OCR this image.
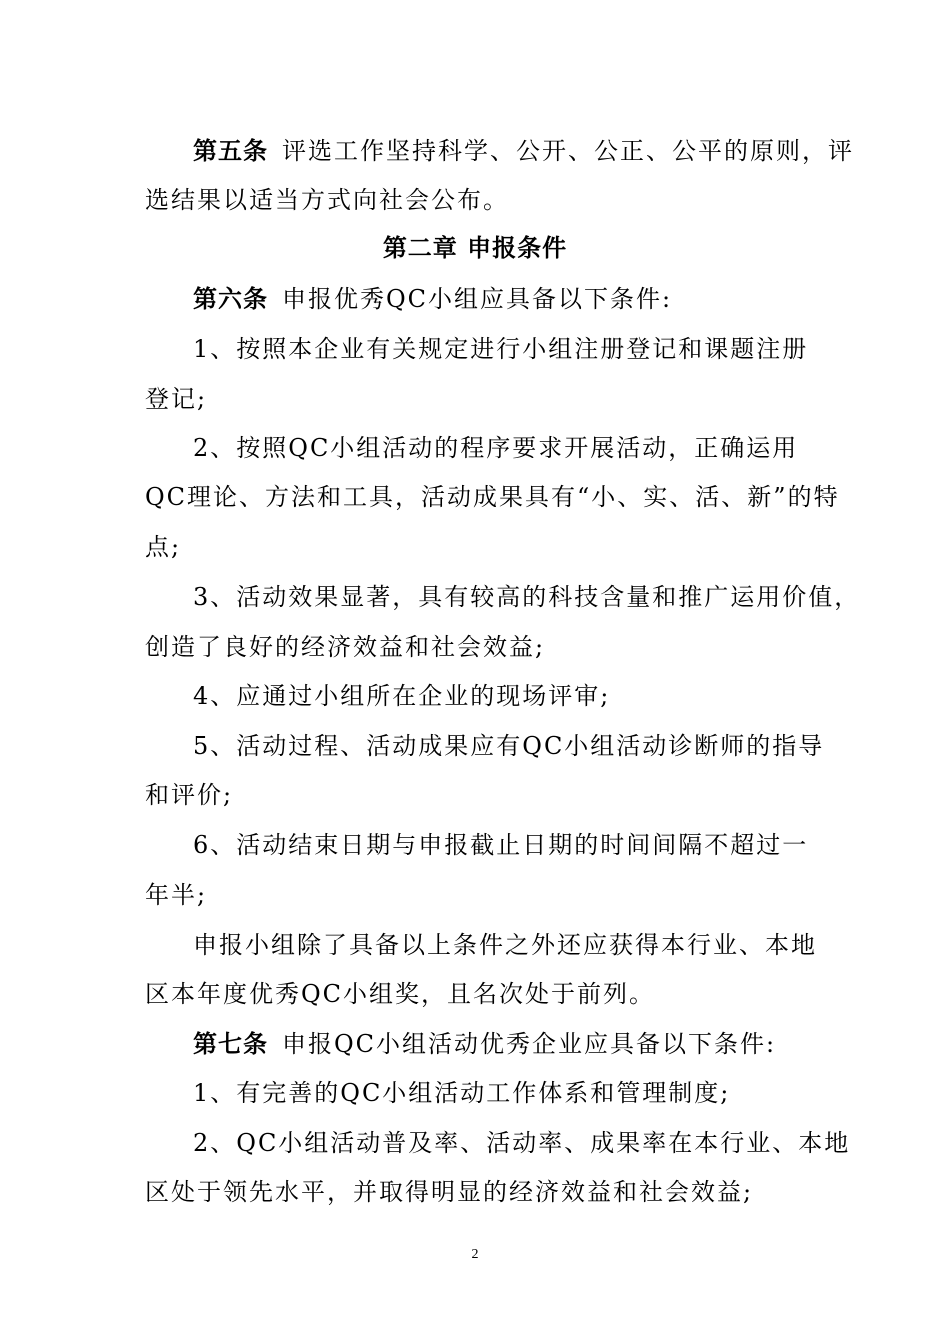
第五条 评选工作坚持科学、公开、公正、公平的原则，评
选结果以适当方式向社会公布。
第二章 申报条件
第六条 申报优秀QC小组应具备以下条件:
1、按照本企业有关规定进行小组注册登记和课题注册
登记;
2、按照QC小组活动的程序要求开展活动，正确运用
QC理论、方法和工具，活动成果具有“小、实、活、新”的特
点;
3、活动效果显著，具有较高的科技含量和推广运用价值，
创造了良好的经济效益和社会效益;
4、应通过小组所在企业的现场评审;
5、活动过程、活动成果应有QC小组活动诊断师的指导
和评价;
6、活动结束日期与申报截止日期的时间间隔不超过一
年半;
申报小组除了具备以上条件之外还应获得本行业、本地
区本年度优秀QC小组奖，且名次处于前列。
第七条 申报QC小组活动优秀企业应具备以下条件:
1、有完善的QC小组活动工作体系和管理制度;
2、QC小组活动普及率、活动率、成果率在本行业、本地
区处于领先水平，并取得明显的经济效益和社会效益;
2
